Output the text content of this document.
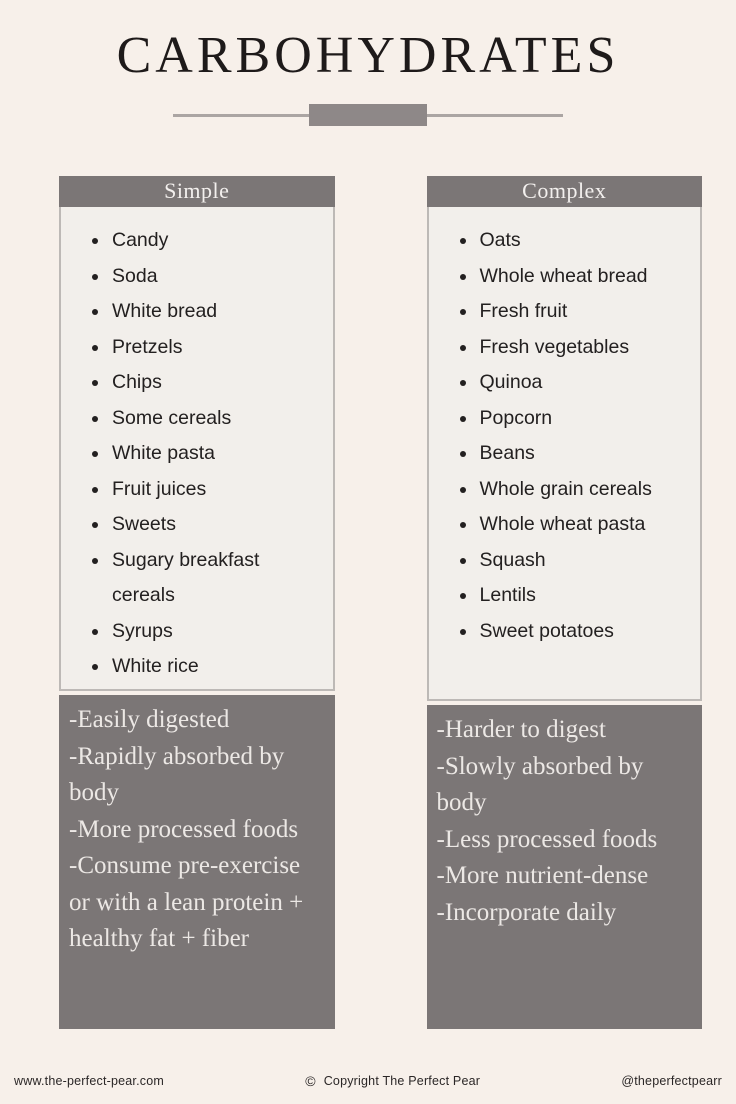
CARBOHYDRATES
Simple
• Candy
• Soda
• White bread
• Pretzels
• Chips
• Some cereals
• White pasta
• Fruit juices
• Sweets
• Sugary breakfast cereals
• Syrups
• White rice
-Easily digested
-Rapidly absorbed by body
-More processed foods
-Consume pre-exercise or with a lean protein + healthy fat + fiber
Complex
• Oats
• Whole wheat bread
• Fresh fruit
• Fresh vegetables
• Quinoa
• Popcorn
• Beans
• Whole grain cereals
• Whole wheat pasta
• Squash
• Lentils
• Sweet potatoes
-Harder to digest
-Slowly absorbed by body
-Less processed foods
-More nutrient-dense
-Incorporate daily
www.the-perfect-pear.com	© Copyright The Perfect Pear	@theperfectpearr
